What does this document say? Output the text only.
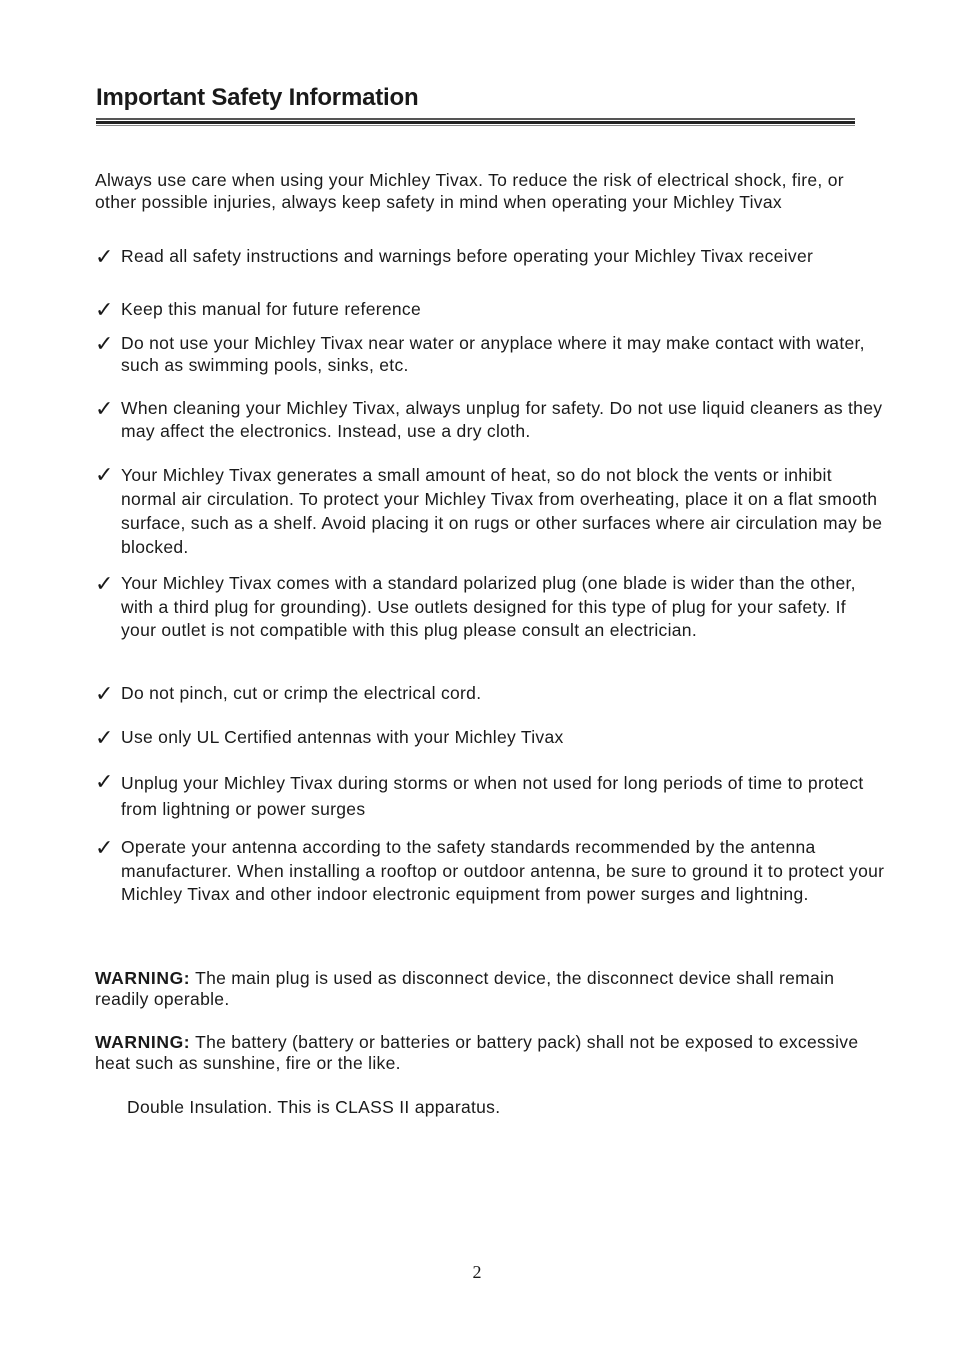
Important Safety Information

Always use care when using your Michley Tivax. To reduce the risk of electrical shock, fire, or other possible injuries, always keep safety in mind when operating your Michley Tivax

✓ Read all safety instructions and warnings before operating your Michley Tivax receiver

✓ Keep this manual for future reference

✓ Do not use your Michley Tivax near water or anyplace where it may make contact with water, such as swimming pools, sinks, etc.

✓ When cleaning your Michley Tivax, always unplug for safety. Do not use liquid cleaners as they may affect the electronics. Instead, use a dry cloth.

✓ Your Michley Tivax generates a small amount of heat, so do not block the vents or inhibit normal air circulation. To protect your Michley Tivax from overheating, place it on a flat smooth surface, such as a shelf. Avoid placing it on rugs or other surfaces where air circulation may be blocked.

✓ Your Michley Tivax comes with a standard polarized plug (one blade is wider than the other, with a third plug for grounding). Use outlets designed for this type of plug for your safety. If your outlet is not compatible with this plug please consult an electrician.

✓ Do not pinch, cut or crimp the electrical cord.

✓ Use only UL Certified antennas with your Michley Tivax

✓ Unplug your Michley Tivax during storms or when not used for long periods of time to protect from lightning or power surges

✓ Operate your antenna according to the safety standards recommended by the antenna manufacturer. When installing a rooftop or outdoor antenna, be sure to ground it to protect your Michley Tivax and other indoor electronic equipment from power surges and lightning.

WARNING: The main plug is used as disconnect device, the disconnect device shall remain readily operable.

WARNING: The battery (battery or batteries or battery pack) shall not be exposed to excessive heat such as sunshine, fire or the like.

Double Insulation. This is CLASS II apparatus.

2
